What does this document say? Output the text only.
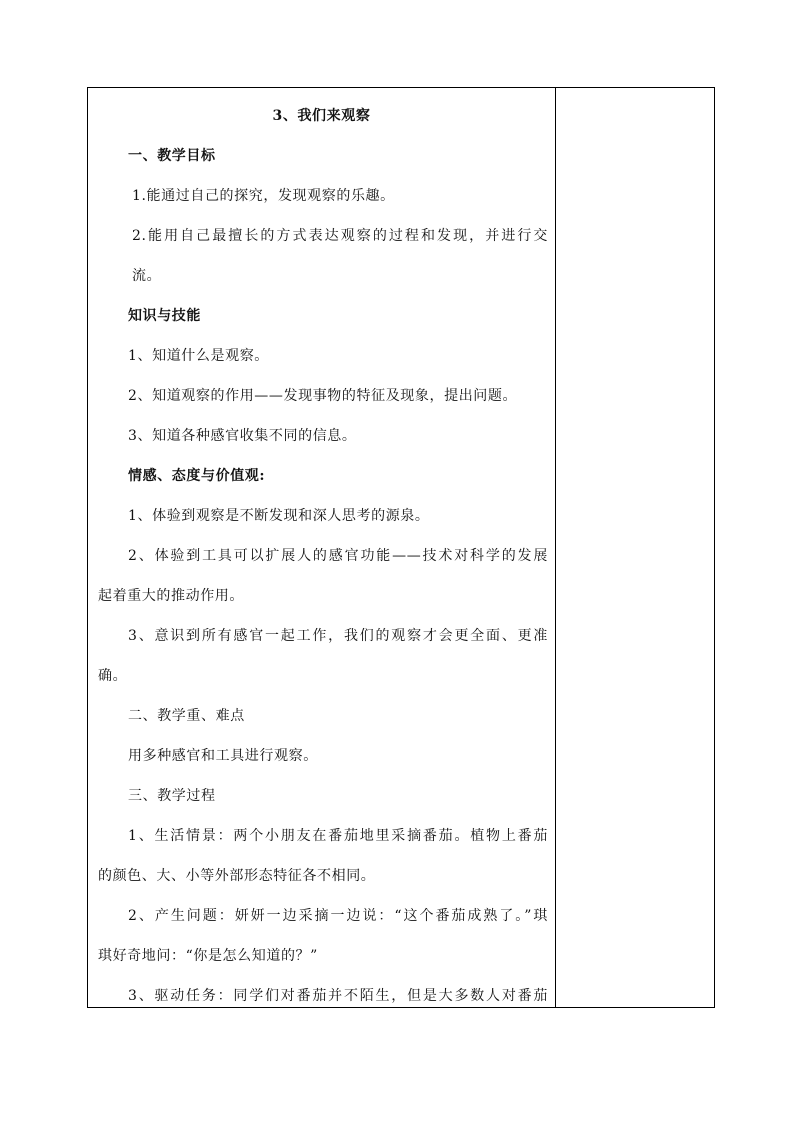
3、我们来观察
一、教学目标
1.能通过自己的探究，发现观察的乐趣。
2.能用自己最擅长的方式表达观察的过程和发现，并进行交
流。
知识与技能
1、知道什么是观察。
2、知道观察的作用——发现事物的特征及现象，提出问题。
3、知道各种感官收集不同的信息。
情感、态度与价值观:
1、体验到观察是不断发现和深人思考的源泉。
2、体验到工具可以扩展人的感官功能——技术对科学的发展
起着重大的推动作用。
3、意识到所有感官一起工作，我们的观察才会更全面、更准
确。
二、教学重、难点
用多种感官和工具进行观察。
三、教学过程
1、生活情景：两个小朋友在番茄地里采摘番茄。植物上番茄
的颜色、大、小等外部形态特征各不相同。
2、产生问题：妍妍一边采摘一边说：“这个番茄成熟了。”琪
琪好奇地问：“你是怎么知道的？”
3、驱动任务：同学们对番茄并不陌生，但是大多数人对番茄
